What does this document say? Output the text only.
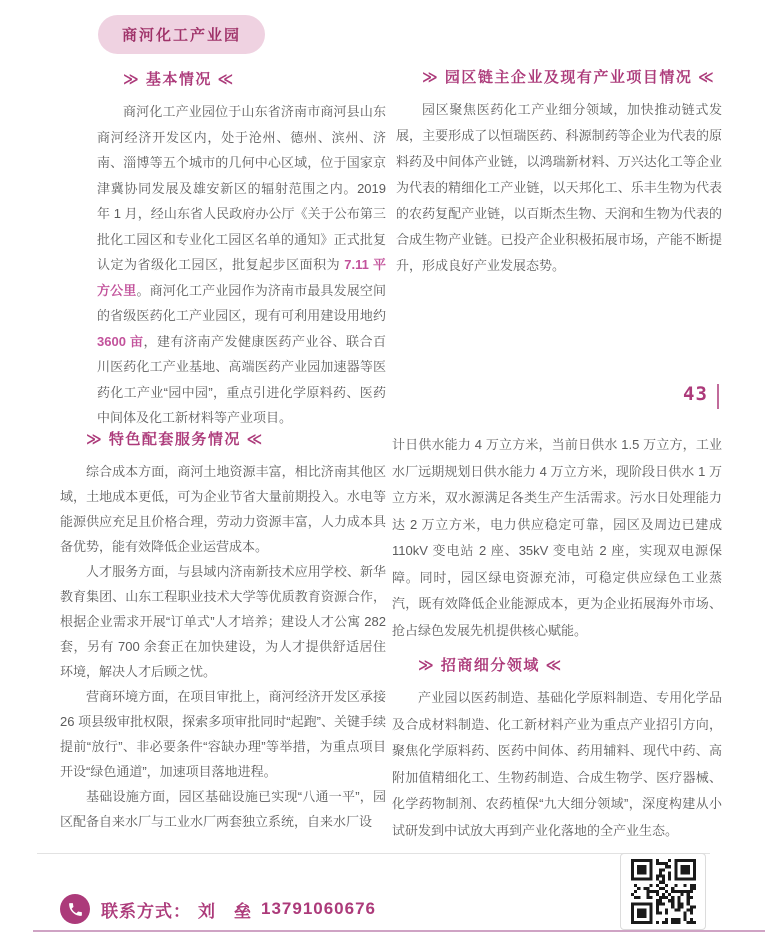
商河化工产业园
≫ 基本情况 ≪

商河化工产业园位于山东省济南市商河县山东商河经济开发区内，处于沧州、德州、滨州、济南、淄博等五个城市的几何中心区域，位于国家京津冀协同发展及雄安新区的辐射范围之内。2019 年 1 月，经山东省人民政府办公厅《关于公布第三批化工园区和专业化工园区名单的通知》正式批复认定为省级化工园区，批复起步区面积为 7.11 平方公里。商河化工产业园作为济南市最具发展空间的省级医药化工产业园区，现有可利用建设用地约 3600 亩，建有济南产发健康医药产业谷、联合百川医药化工产业基地、高端医药产业园加速器等医药化工产业“园中园”，重点引进化学原料药、医药中间体及化工新材料等产业项目。

≫ 园区链主企业及现有产业项目情况 ≪

园区聚焦医药化工产业细分领域，加快推动链式发展，主要形成了以恒瑞医药、科源制药等企业为代表的原料药及中间体产业链，以鸿瑞新材料、万兴达化工等企业为代表的精细化工产业链，以天邦化工、乐丰生物为代表的农药复配产业链，以百斯杰生物、天润和生物为代表的合成生物产业链。已投产企业积极拓展市场，产能不断提升，形成良好产业发展态势。

43
≫ 特色配套服务情况 ≪

综合成本方面，商河土地资源丰富，相比济南其他区域，土地成本更低，可为企业节省大量前期投入。水电等能源供应充足且价格合理，劳动力资源丰富，人力成本具备优势，能有效降低企业运营成本。

人才服务方面，与县域内济南新技术应用学校、新华教育集团、山东工程职业技术大学等优质教育资源合作，根据企业需求开展“订单式”人才培养；建设人才公寓 282 套，另有 700 余套正在加快建设，为人才提供舒适居住环境，解决人才后顾之忧。

营商环境方面，在项目审批上，商河经济开发区承接 26 项县级审批权限，探索多项审批同时“起跑”、关键手续提前“放行”、非必要条件“容缺办理”等举措，为重点项目开设“绿色通道”，加速项目落地进程。

基础设施方面，园区基础设施已实现“八通一平”，园区配备自来水厂与工业水厂两套独立系统，自来水厂设

计日供水能力 4 万立方米，当前日供水 1.5 万立方，工业水厂远期规划日供水能力 4 万立方米，现阶段日供水 1 万立方米，双水源满足各类生产生活需求。污水日处理能力达 2 万立方米，电力供应稳定可靠，园区及周边已建成 110kV 变电站 2 座、35kV 变电站 2 座，实现双电源保障。同时，园区绿电资源充沛，可稳定供应绿色工业蒸汽，既有效降低企业能源成本，更为企业拓展海外市场、抢占绿色发展先机提供核心赋能。

≫ 招商细分领域 ≪

产业园以医药制造、基础化学原料制造、专用化学品及合成材料制造、化工新材料产业为重点产业招引方向，聚焦化学原料药、医药中间体、药用辅料、现代中药、高附加值精细化工、生物药制造、合成生物学、医疗器械、化学药物制剂、农药植保“九大细分领域”，深度构建从小试研发到中试放大再到产业化落地的全产业生态。

联系方式： 刘　垒 13791060676
